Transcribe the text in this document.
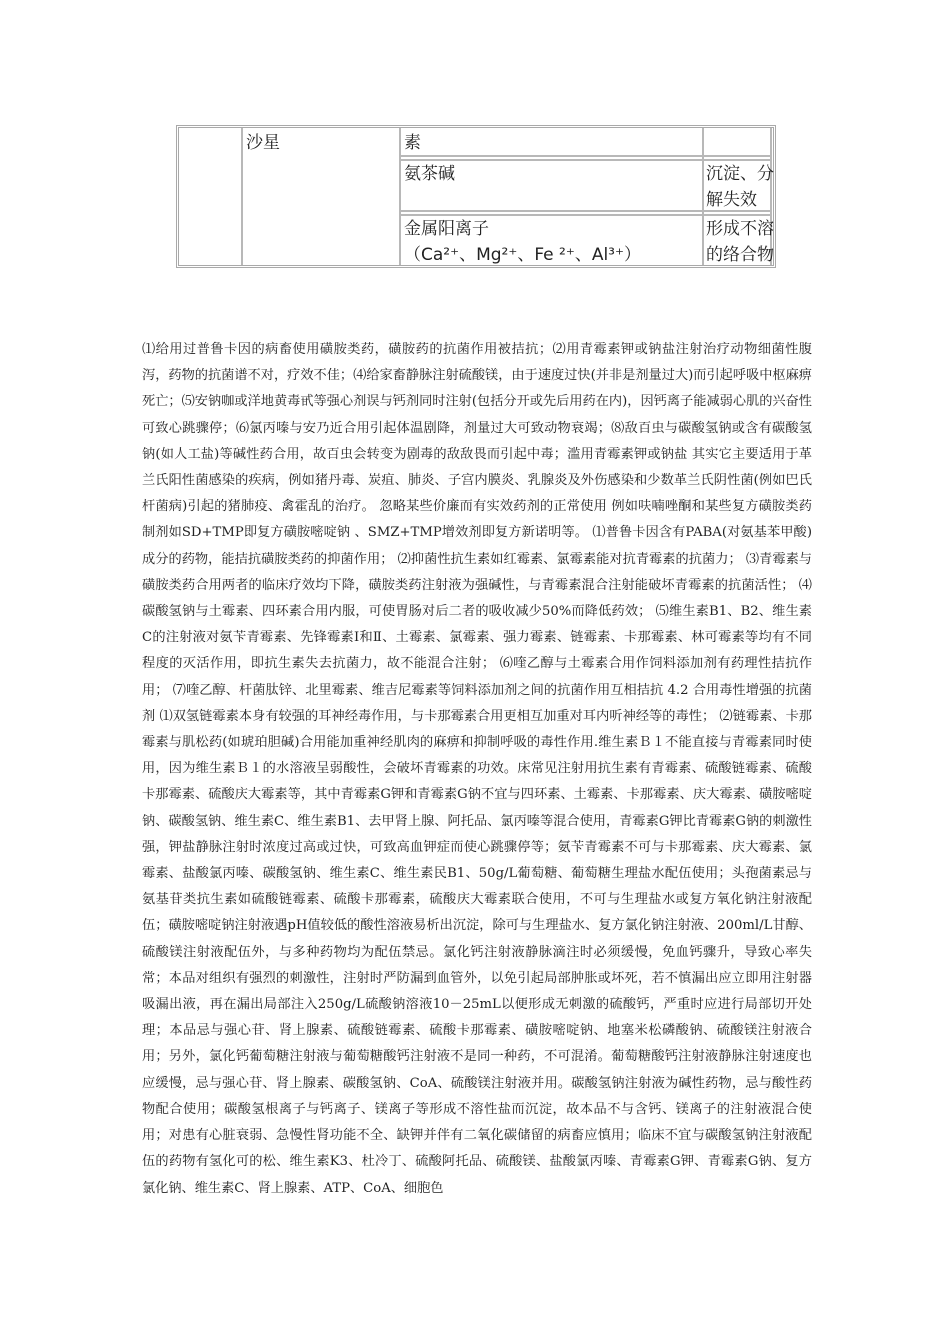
沙星	素
氨茶碱	沉淀、分解失效
金属阳离子
（Ca²⁺、Mg²⁺、Fe ²⁺、Al³⁺）
形成不溶的络合物
⑴给用过普鲁卡因的病畜使用磺胺类药，磺胺药的抗菌作用被拮抗；⑵用青霉素钾或钠盐注射治疗动物细菌性腹泻，药物的抗菌谱不对，疗效不佳；⑷给家畜静脉注射硫酸镁，由于速度过快(并非是剂量过大)而引起呼吸中枢麻痹死亡；⑸安钠咖或洋地黄毒甙等强心剂误与钙剂同时注射(包括分开或先后用药在内)，因钙离子能减弱心肌的兴奋性可致心跳骤停；⑹氯丙嗪与安乃近合用引起体温剧降，剂量过大可致动物衰竭；⑻敌百虫与碳酸氢钠或含有碳酸氢钠(如人工盐)等碱性药合用，故百虫会转变为剧毒的敌敌畏而引起中毒；滥用青霉素钾或钠盐 其实它主要适用于革兰氏阳性菌感染的疾病，例如猪丹毒、炭疽、肺炎、子宫内膜炎、乳腺炎及外伤感染和少数革兰氏阴性菌(例如巴氏杆菌病)引起的猪肺疫、禽霍乱的治疗。 忽略某些价廉而有实效药剂的正常使用 例如呋喃唑酮和某些复方磺胺类药制剂如SD+TMP即复方磺胺嘧啶钠 、SMZ+TMP增效剂即复方新诺明等。 ⑴普鲁卡因含有PABA(对氨基苯甲酸)成分的药物，能拮抗磺胺类药的抑菌作用； ⑵抑菌性抗生素如红霉素、氯霉素能对抗青霉素的抗菌力； ⑶青霉素与磺胺类药合用两者的临床疗效均下降，磺胺类药注射液为强碱性，与青霉素混合注射能破坏青霉素的抗菌活性； ⑷碳酸氢钠与土霉素、四环素合用内服，可使胃肠对后二者的吸收减少50%而降低药效； ⑸维生素B1、B2、维生素C的注射液对氨苄青霉素、先锋霉素Ⅰ和Ⅱ、土霉素、氯霉素、强力霉素、链霉素、卡那霉素、林可霉素等均有不同程度的灭活作用，即抗生素失去抗菌力，故不能混合注射； ⑹喹乙醇与土霉素合用作饲料添加剂有药理性拮抗作用； ⑺喹乙醇、杆菌肽锌、北里霉素、维吉尼霉素等饲料添加剂之间的抗菌作用互相拮抗 4.2 合用毒性增强的抗菌剂 ⑴双氢链霉素本身有较强的耳神经毒作用，与卡那霉素合用更相互加重对耳内听神经等的毒性； ⑵链霉素、卡那霉素与肌松药(如琥珀胆碱)合用能加重神经肌肉的麻痹和抑制呼吸的毒性作用.维生素Ｂ１不能直接与青霉素同时使用，因为维生素Ｂ１的水溶液呈弱酸性，会破坏青霉素的功效。床常见注射用抗生素有青霉素、硫酸链霉素、硫酸卡那霉素、硫酸庆大霉素等，其中青霉素G钾和青霉素G钠不宜与四环素、土霉素、卡那霉素、庆大霉素、磺胺嘧啶钠、碳酸氢钠、维生素C、维生素B1、去甲肾上腺、阿托品、氯丙嗪等混合使用，青霉素G钾比青霉素G钠的刺激性强，钾盐静脉注射时浓度过高或过快，可致高血钾症而使心跳骤停等；氨苄青霉素不可与卡那霉素、庆大霉素、氯霉素、盐酸氯丙嗪、碳酸氢钠、维生素C、维生素民B1、50g/L葡萄糖、葡萄糖生理盐水配伍使用；头孢菌素忌与氨基苷类抗生素如硫酸链霉素、硫酸卡那霉素，硫酸庆大霉素联合使用，不可与生理盐水或复方氧化钠注射液配伍；磺胺嘧啶钠注射液遇pH值较低的酸性溶液易析出沉淀，除可与生理盐水、复方氯化钠注射液、200ml/L甘醇、硫酸镁注射液配伍外，与多种药物均为配伍禁忌。氯化钙注射液静脉滴注时必须缓慢，免血钙骤升，导致心率失常；本品对组织有强烈的刺激性，注射时严防漏到血管外，以免引起局部肿胀或坏死，若不慎漏出应立即用注射器吸漏出液，再在漏出局部注入250g/L硫酸钠溶液10－25mL以便形成无刺激的硫酸钙，严重时应进行局部切开处理；本品忌与强心苷、肾上腺素、硫酸链霉素、硫酸卡那霉素、磺胺嘧啶钠、地塞米松磷酸钠、硫酸镁注射液合用；另外，氯化钙葡萄糖注射液与葡萄糖酸钙注射液不是同一种药，不可混淆。葡萄糖酸钙注射液静脉注射速度也应缓慢，忌与强心苷、肾上腺素、碳酸氢钠、CoA、硫酸镁注射液并用。碳酸氢钠注射液为碱性药物，忌与酸性药物配合使用；碳酸氢根离子与钙离子、镁离子等形成不溶性盐而沉淀，故本品不与含钙、镁离子的注射液混合使用；对患有心脏衰弱、急慢性肾功能不全、缺钾并伴有二氧化碳储留的病畜应慎用；临床不宜与碳酸氢钠注射液配伍的药物有氢化可的松、维生素K3、杜冷丁、硫酸阿托品、硫酸镁、盐酸氯丙嗪、青霉素G钾、青霉素G钠、复方氯化钠、维生素C、肾上腺素、ATP、CoA、细胞色
